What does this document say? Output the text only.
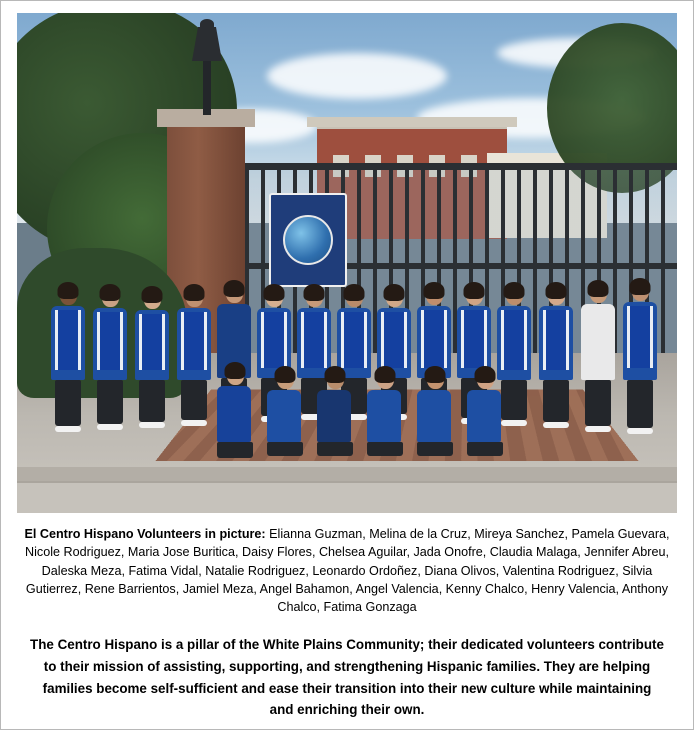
El Centro Hispano Volunteers in picture: Elianna Guzman, Melina de la Cruz, Mireya Sanchez, Pamela Guevara, Nicole Rodriguez, Maria Jose Buritica, Daisy Flores, Chelsea Aguilar, Jada Onofre, Claudia Malaga, Jennifer Abreu, Daleska Meza, Fatima Vidal, Natalie Rodriguez, Leonardo Ordoñez, Diana Olivos, Valentina Rodriguez, Silvia Gutierrez, Rene Barrientos, Jamiel Meza, Angel Bahamon, Angel Valencia, Kenny Chalco, Henry Valencia, Anthony Chalco, Fatima Gonzaga
The Centro Hispano is a pillar of the White Plains Community; their dedicated volunteers contribute to their mission of assisting, supporting, and strengthening Hispanic families. They are helping families become self-sufficient and ease their transition into their new culture while maintaining and enriching their own.
